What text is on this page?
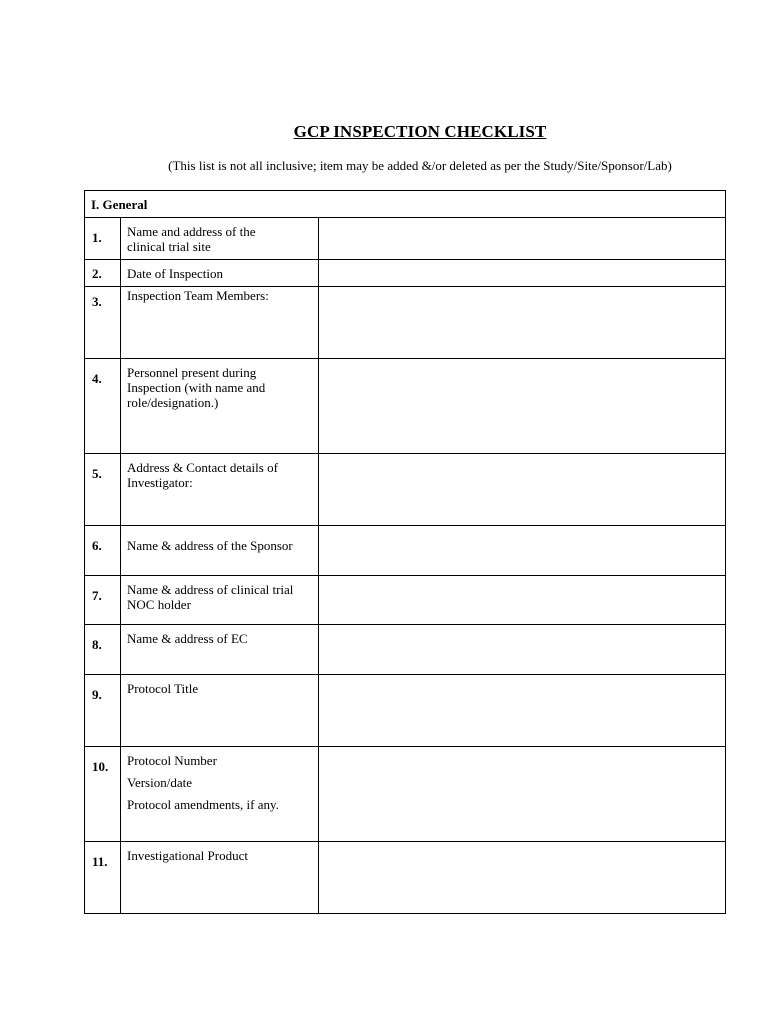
GCP INSPECTION CHECKLIST
(This list is not all inclusive; item may be added &/or deleted as per the Study/Site/Sponsor/Lab)
I. General		
1.	Name and address of the
clinical trial site	

2.	Date of Inspection	

3.	Inspection Team Members:	

4.	Personnel present during
Inspection (with name and
role/designation.)	

5.	Address & Contact details of
Investigator:	

6.	Name & address of the Sponsor	

7.	Name & address of clinical trial
NOC holder	

8.	Name & address of EC	

9.	Protocol Title	

10.	Protocol Number
Version/date
Protocol amendments, if any.	

11.	Investigational Product	
